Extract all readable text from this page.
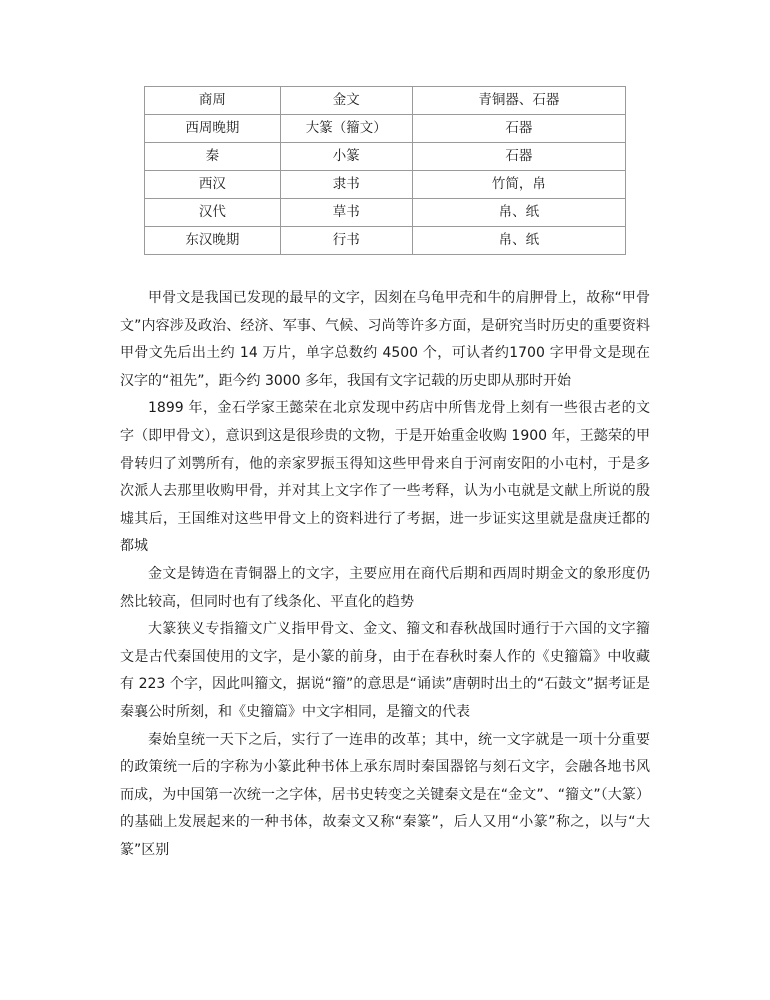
商周	金文	青铜器、石器
西周晚期	大篆（籀文）	石器
秦	小篆	石器
西汉	隶书	竹简，帛
汉代	草书	帛、纸
东汉晚期	行书	帛、纸

甲骨文是我国已发现的最早的文字，因刻在乌龟甲壳和牛的肩胛骨上，故称“甲骨文”内容涉及政治、经济、军事、气候、习尚等许多方面，是研究当时历史的重要资料甲骨文先后出土约 14 万片，单字总数约 4500 个，可认者约1700 字甲骨文是现在汉字的“祖先”，距今约 3000 多年，我国有文字记载的历史即从那时开始

1899 年，金石学家王懿荣在北京发现中药店中所售龙骨上刻有一些很古老的文字（即甲骨文），意识到这是很珍贵的文物，于是开始重金收购 1900 年，王懿荣的甲骨转归了刘鹗所有，他的亲家罗振玉得知这些甲骨来自于河南安阳的小屯村，于是多次派人去那里收购甲骨，并对其上文字作了一些考释，认为小屯就是文献上所说的殷墟其后，王国维对这些甲骨文上的资料进行了考据，进一步证实这里就是盘庚迁都的都城

金文是铸造在青铜器上的文字，主要应用在商代后期和西周时期金文的象形度仍然比较高，但同时也有了线条化、平直化的趋势

大篆狭义专指籀文广义指甲骨文、金文、籀文和春秋战国时通行于六国的文字籀文是古代秦国使用的文字，是小篆的前身，由于在春秋时秦人作的《史籀篇》中收藏有 223 个字，因此叫籀文，据说“籀”的意思是“诵读”唐朝时出土的“石鼓文”据考证是秦襄公时所刻，和《史籀篇》中文字相同，是籀文的代表

秦始皇统一天下之后，实行了一连串的改革；其中，统一文字就是一项十分重要的政策统一后的字称为小篆此种书体上承东周时秦国器铭与刻石文字，会融各地书风而成，为中国第一次统一之字体，居书史转变之关键秦文是在“金文”、“籀文”（大篆）的基础上发展起来的一种书体，故秦文又称“秦篆”，后人又用“小篆”称之，以与“大篆”区别
